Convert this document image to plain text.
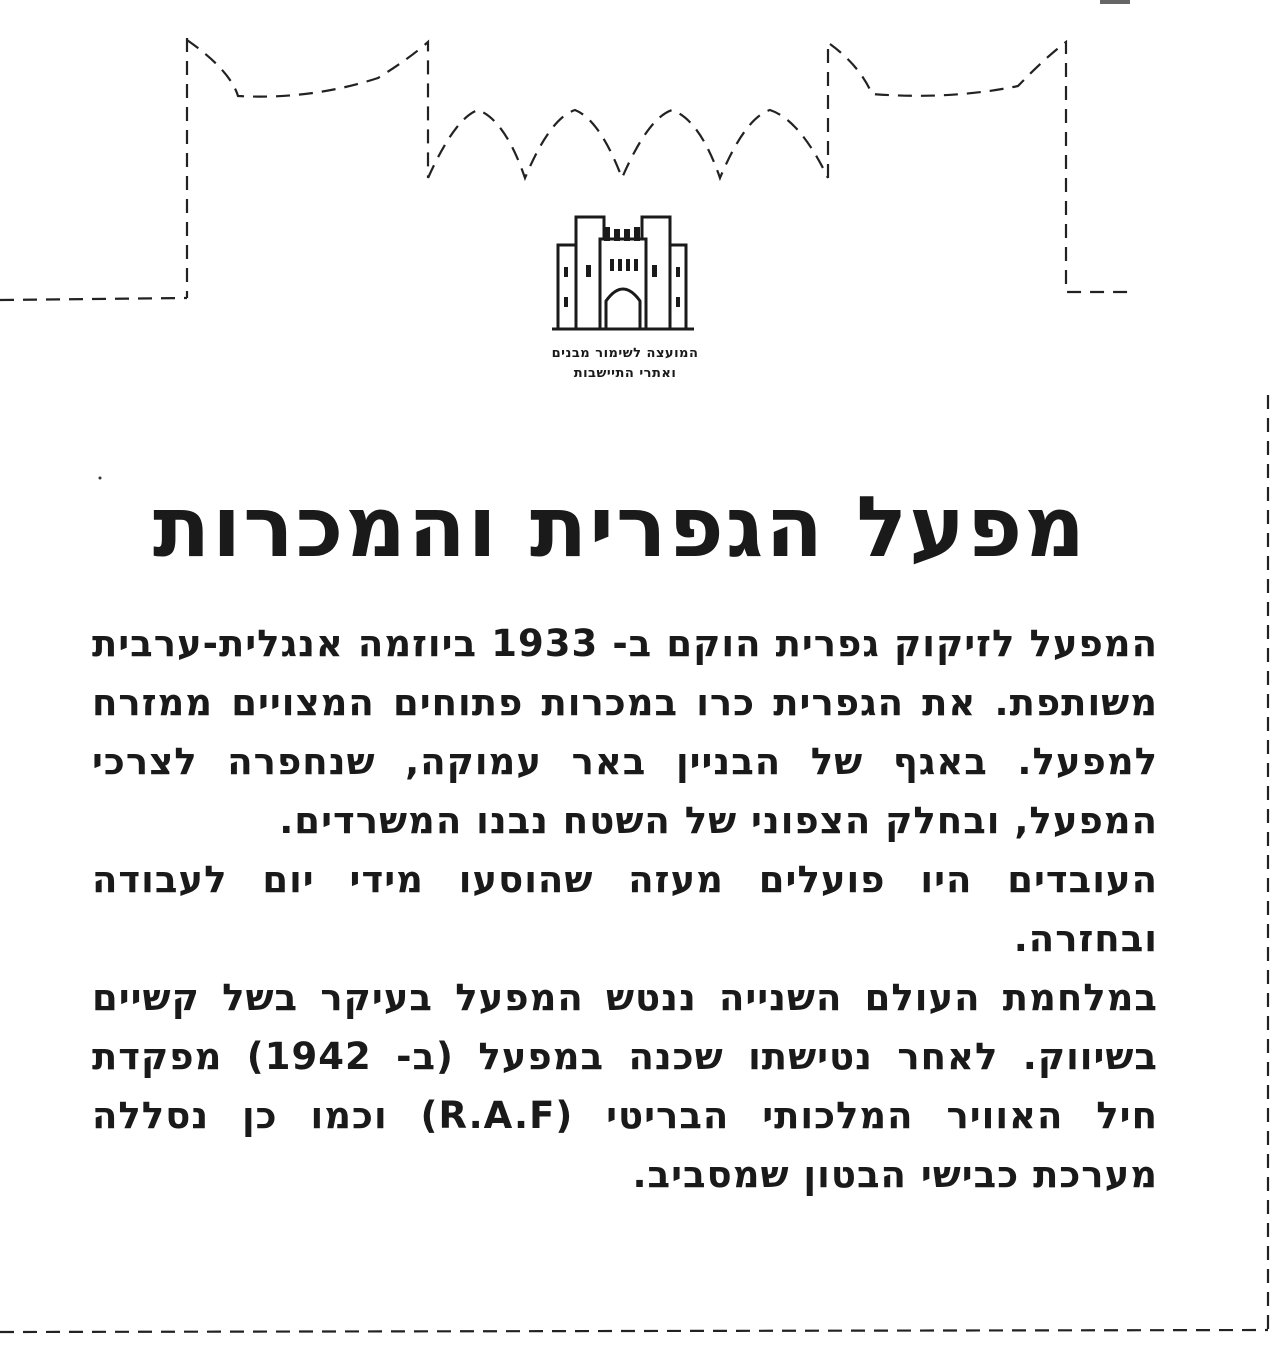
המועצה לשימור מבנים
ואתרי התיישבות
מפעל הגפרית והמכרות

המפעל לזיקוק גפרית הוקם ב- 1933 ביוזמה אנגלית-ערבית משותפת. את הגפרית כרו במכרות פתוחים המצויים ממזרח למפעל. באגף של הבניין באר עמוקה, שנחפרה לצרכי המפעל, ובחלק הצפוני של השטח נבנו המשרדים.

העובדים היו פועלים מעזה שהוסעו מידי יום לעבודה ובחזרה.

במלחמת העולם השנייה ננטש המפעל בעיקר בשל קשיים בשיווק. לאחר נטישתו שכנה במפעל (ב- 1942) מפקדת חיל האוויר המלכותי הבריטי (R.A.F) וכמו כן נסללה מערכת כבישי הבטון שמסביב.
